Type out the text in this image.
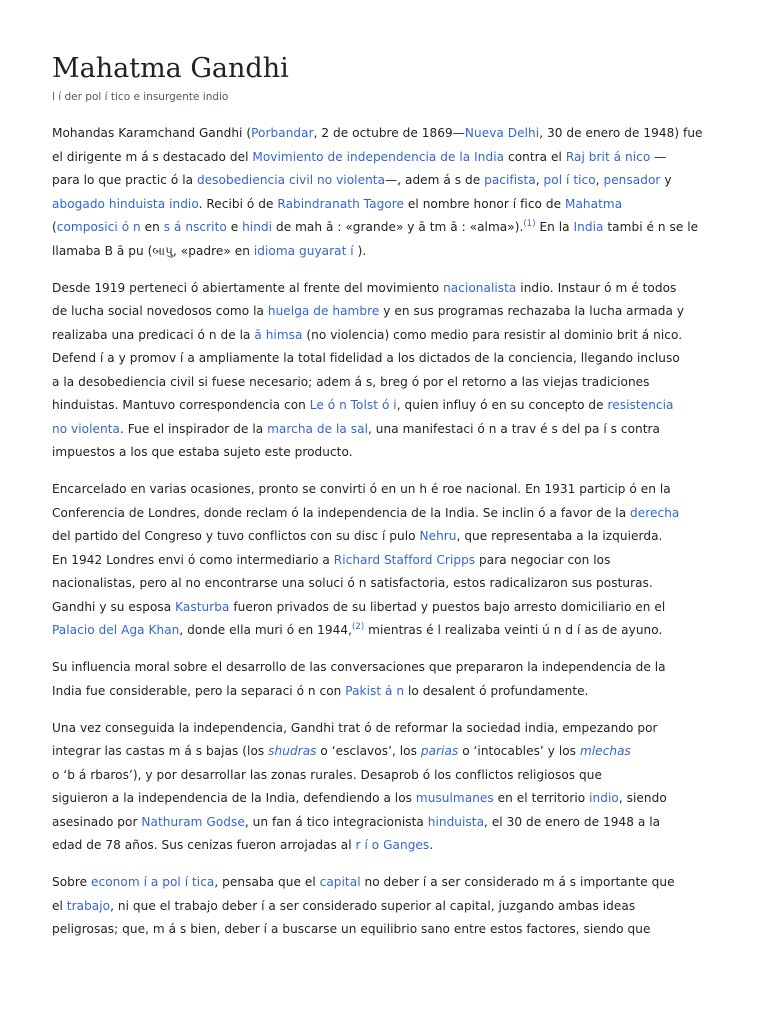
Mahatma Gandhi
l í der pol í tico e insurgente indio

Mohandas Karamchand Gandhi (Porbandar, 2 de octubre de 1869—Nueva Delhi, 30 de enero de 1948) fue
el dirigente m á s destacado del Movimiento de independencia de la India contra el Raj brit á nico —
para lo que practic ó la desobediencia civil no violenta—, adem á s de pacifista, pol í tico, pensador y
abogado hinduista indio. Recibi ó de Rabindranath Tagore el nombre honor í fico de Mahatma
(composici ó n en s á nscrito e hindi de mah ā : «grande» y ā tm ā : «alma»).$^{(1)}$ En la India tambi é n se le
llamaba B ā pu (બાપુ, «padre» en idioma guyarat í ).

Desde 1919 perteneci ó abiertamente al frente del movimiento nacionalista indio. Instaur ó m é todos
de lucha social novedosos como la huelga de hambre y en sus programas rechazaba la lucha armada y
realizaba una predicaci ó n de la ā himsa (no violencia) como medio para resistir al dominio brit á nico.
Defend í a y promov í a ampliamente la total fidelidad a los dictados de la conciencia, llegando incluso
a la desobediencia civil si fuese necesario; adem á s, breg ó por el retorno a las viejas tradiciones
hinduistas. Mantuvo correspondencia con Le ó n Tolst ó i, quien influy ó en su concepto de resistencia
no violenta. Fue el inspirador de la marcha de la sal, una manifestaci ó n a trav é s del pa í s contra
impuestos a los que estaba sujeto este producto.

Encarcelado en varias ocasiones, pronto se convirti ó en un h é roe nacional. En 1931 particip ó en la
Conferencia de Londres, donde reclam ó la independencia de la India. Se inclin ó a favor de la derecha
del partido del Congreso y tuvo conflictos con su disc í pulo Nehru, que representaba a la izquierda.
En 1942 Londres envi ó como intermediario a Richard Stafford Cripps para negociar con los
nacionalistas, pero al no encontrarse una soluci ó n satisfactoria, estos radicalizaron sus posturas.
Gandhi y su esposa Kasturba fueron privados de su libertad y puestos bajo arresto domiciliario en el
Palacio del Aga Khan, donde ella muri ó en 1944,$^{(2)}$ mientras é l realizaba veinti ú n d í as de ayuno.

Su influencia moral sobre el desarrollo de las conversaciones que prepararon la independencia de la
India fue considerable, pero la separaci ó n con Pakist á n lo desalent ó profundamente.

Una vez conseguida la independencia, Gandhi trat ó de reformar la sociedad india, empezando por
integrar las castas m á s bajas (los shudras o ‘esclavos’, los parias o ‘intocables’ y los mlechas
o ‘b á rbaros’), y por desarrollar las zonas rurales. Desaprob ó los conflictos religiosos que
siguieron a la independencia de la India, defendiendo a los musulmanes en el territorio indio, siendo
asesinado por Nathuram Godse, un fan á tico integracionista hinduista, el 30 de enero de 1948 a la
edad de 78 años. Sus cenizas fueron arrojadas al r í o Ganges.

Sobre econom í a pol í tica, pensaba que el capital no deber í a ser considerado m á s importante que
el trabajo, ni que el trabajo deber í a ser considerado superior al capital, juzgando ambas ideas
peligrosas; que, m á s bien, deber í a buscarse un equilibrio sano entre estos factores, siendo que
